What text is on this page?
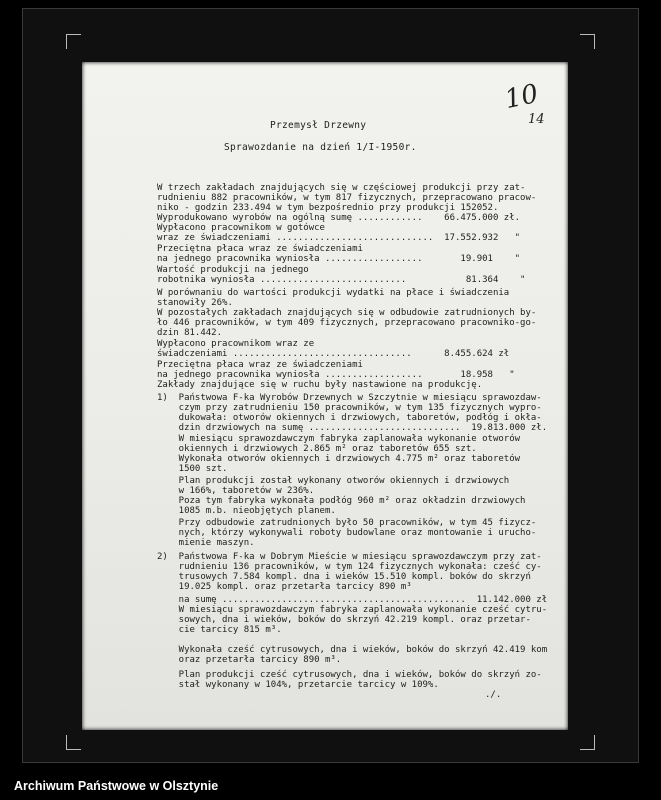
10
14
Przemysł Drzewny
Sprawozdanie na dzień 1/I-1950r.
W trzech zakładach znajdujących się w częściowej produkcji przy zat-
rudnieniu 882 pracowników, w tym 817 fizycznych, przepracowano pracow-
niko - godzin 233.494 w tym bezpośrednio przy produkcji 152052.
Wyprodukowano wyrobów na ogólną sumę ............    66.475.000 zł.
Wypłacono pracownikom w gotówce
wraz ze świadczeniami .............................  17.552.932   "
Przeciętna płaca wraz ze świadczeniami
na jednego pracownika wyniosła ..................       19.901    "
Wartość produkcji na jednego
robotnika wyniosła ...........................           81.364    "
W porównaniu do wartości produkcji wydatki na płace i świadczenia
stanowiły 26%.
W pozostałych zakładach znajdujących się w odbudowie zatrudnionych by-
ło 446 pracowników, w tym 409 fizycznych, przepracowano pracowniko-go-
dzin 81.442.
Wypłacono pracownikom wraz ze
świadczeniami .................................      8.455.624 zł
Przeciętna płaca wraz ze świadczeniami
na jednego pracownika wyniosła ..................       18.958   "
Zakłady znajdujące się w ruchu były nastawione na produkcję.
1)  Państwowa F-ka Wyrobów Drzewnych w Szczytnie w miesiącu sprawozdaw-
czym przy zatrudnieniu 150 pracowników, w tym 135 fizycznych wypro-
dukowała: otworów okiennych i drzwiowych, taboretów, podłóg i okła-
dzin drzwiowych na sumę ............................  19.813.000 zł.
W miesiącu sprawozdawczym fabryka zaplanowała wykonanie otworów
okiennych i drzwiowych 2.865 m² oraz taboretów 655 szt.
Wykonała otworów okiennych i drzwiowych 4.775 m² oraz taboretów
1500 szt.
Plan produkcji został wykonany otworów okiennych i drzwiowych
w 166%, taboretów w 236%.
Poza tym fabryka wykonała podłóg 960 m² oraz okładzin drzwiowych
1085 m.b. nieobjętych planem.
Przy odbudowie zatrudnionych było 50 pracowników, w tym 45 fizycz-
nych, którzy wykonywali roboty budowlane oraz montowanie i urucho-
mienie maszyn.
2)  Państwowa F-ka w Dobrym Mieście w miesiącu sprawozdawczym przy zat-
rudnieniu 136 pracowników, w tym 124 fizycznych wykonała: cześć cy-
trusowych 7.584 kompl. dna i wieków 15.510 kompl. boków do skrzyń
19.025 kompl. oraz przetarła tarcicy 890 m³
na sumę .............................................  11.142.000 zł
W miesiącu sprawozdawczym fabryka zaplanowała wykonanie cześć cytru-
sowych, dna i wieków, boków do skrzyń 42.219 kompl. oraz przetar-
cie tarcicy 815 m³.
Wykonała cześć cytrusowych, dna i wieków, boków do skrzyń 42.419 kom
oraz przetarła tarcicy 890 m³.
Plan produkcji cześć cytrusowych, dna i wieków, boków do skrzyń zo-
stał wykonany w 104%, przetarcie tarcicy w 109%.
./.
Archiwum Państwowe w Olsztynie
